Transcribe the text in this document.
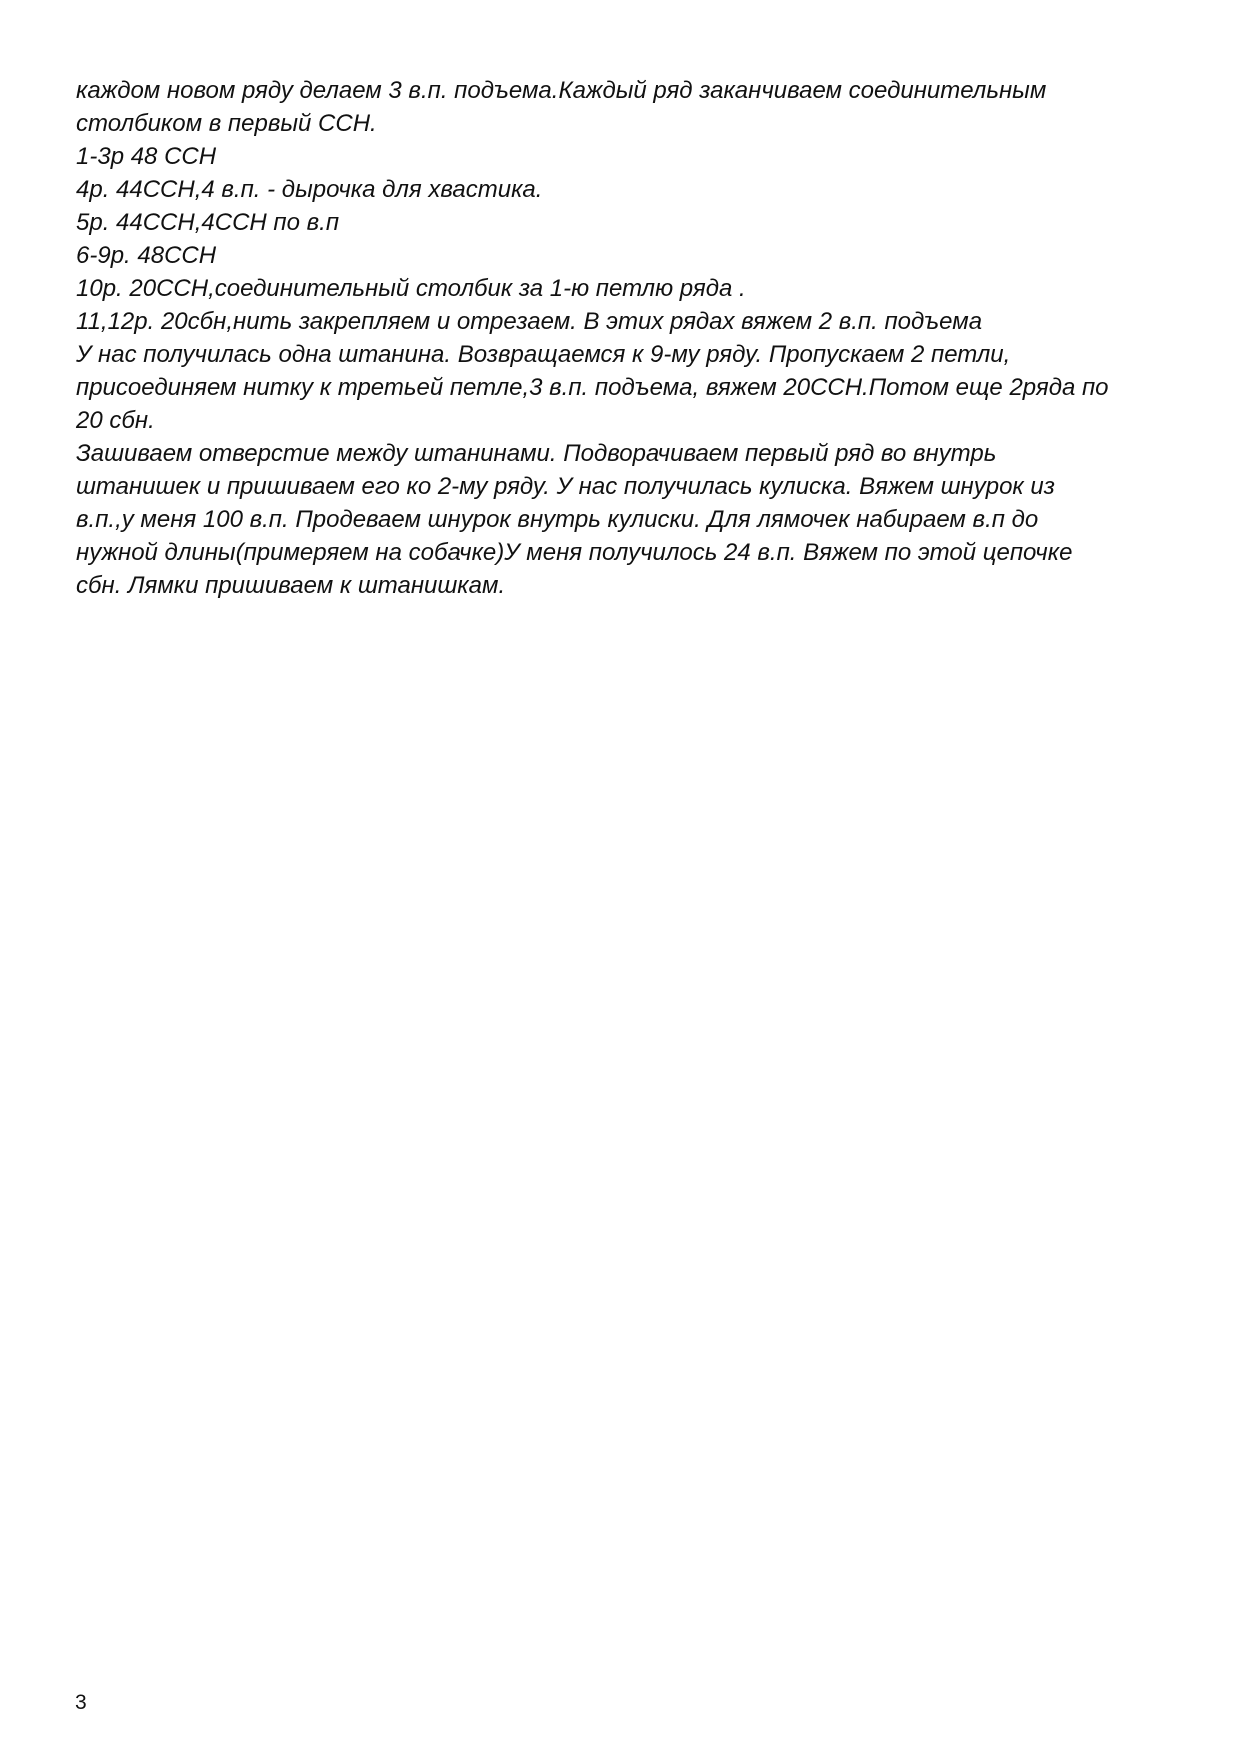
каждом новом ряду делаем 3 в.п. подъема.Каждый ряд заканчиваем соединительным
столбиком в первый ССН.
1-3р 48 ССН
4р. 44ССН,4 в.п. - дырочка для хвастика.
5р. 44ССН,4ССН по в.п
6-9р. 48ССН
10р. 20ССН,соединительный столбик за 1-ю петлю ряда .
11,12р. 20сбн,нить закрепляем и отрезаем. В этих рядах вяжем 2 в.п. подъема
У нас получилась одна штанина. Возвращаемся к 9-му ряду. Пропускаем 2 петли,
присоединяем нитку к третьей петле,3 в.п. подъема, вяжем 20ССН.Потом еще 2ряда по
20 сбн.
Зашиваем отверстие между штанинами. Подворачиваем первый ряд во внутрь
штанишек и пришиваем его ко 2-му ряду. У нас получилась кулиска. Вяжем шнурок из
в.п.,у меня 100 в.п. Продеваем шнурок внутрь кулиски. Для лямочек набираем в.п до
нужной длины(примеряем на собачке)У меня получилось 24 в.п. Вяжем по этой цепочке
сбн. Лямки пришиваем к штанишкам.
3
